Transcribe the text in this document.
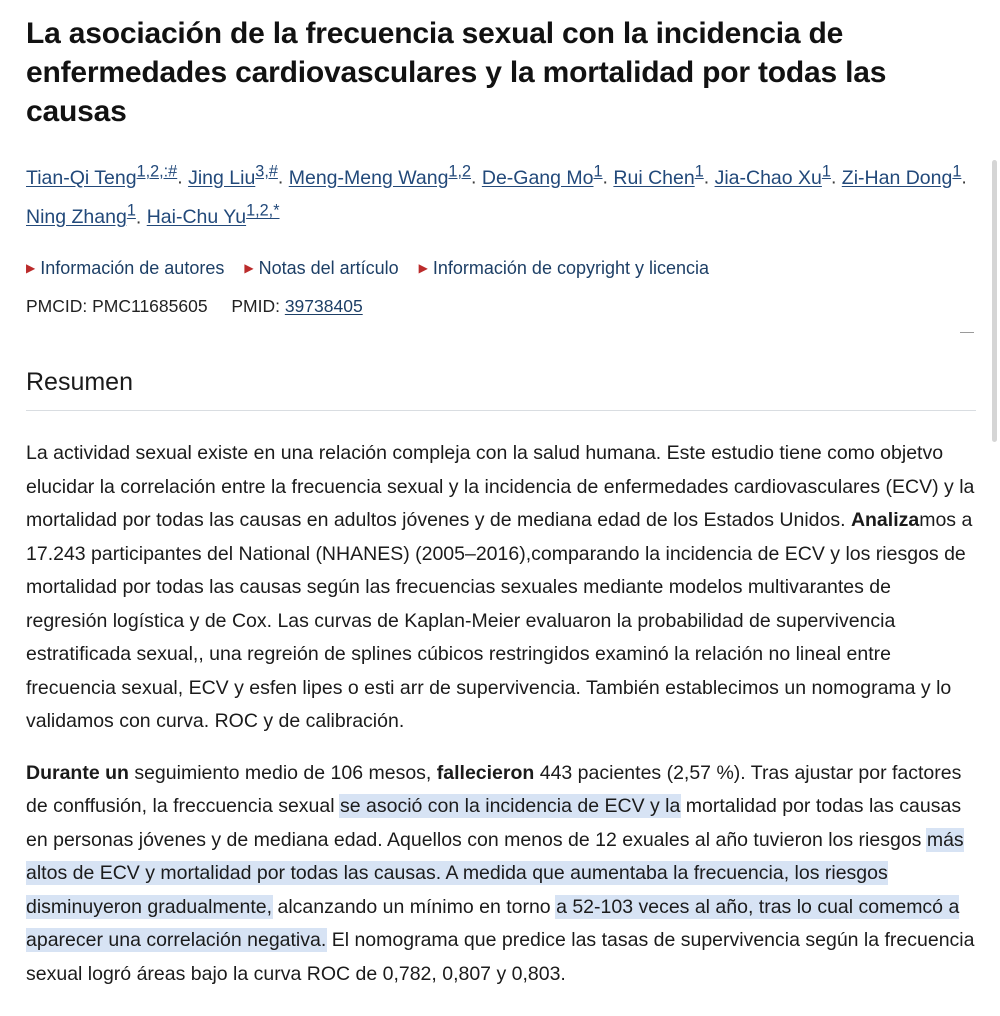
La asociación de la frecuencia sexual con la incidencia de enfermedades cardiovasculares y la mortalidad por todas las causas
Tian-Qi Teng$^{1,2,:\#}$. Jing Liu$^{3,\#}$. Meng-Meng Wang$^{1,2}$. De-Gang Mo$^1$. Rui Chen$^1$. Jia-Chao Xu$^1$. Zi-Han Dong$^1$. Ning Zhang$^1$. Hai-Chu $Yu^{1,2,*}$
▶ Información de autores ▶ Notas del artículo ▶ Información de copyright y licencia
PMCID: PMC11685605 PMID: 39738405
Resumen

La actividad sexual existe en una relación compleja con la salud humana. Este estudio tiene como objetvo elucidar la correlación entre la frecuencia sexual y la incidencia de enfermedades cardiovasculares (ECV) y la mortalidad por todas las causas en adultos jóvenes y de mediana edad de los Estados Unidos. Analizamos a 17.243 participantes del National (NHANES) (2005–2016),comparando la incidencia de ECV y los riesgos de mortalidad por todas las causas según las frecuencias sexuales mediante modelos multivarantes de regresión logística y de Cox. Las curvas de Kaplan-Meier evaluaron la probabilidad de supervivencia estratificada sexual,, una regreión de splines cúbicos restringidos examinó la relación no lineal entre frecuencia sexual, ECV y esfen lipes o esti arr de supervivencia. También establecimos un nomograma y lo validamos con curva. ROC y de calibración.

Durante un seguimiento medio de 106 mesos, fallecieron 443 pacientes (2,57 %). Tras ajustar por factores de conffusión, la freccuencia sexual se asoció con la incidencia de ECV y la mortalidad por todas las causas en personas jóvenes y de mediana edad. Aquellos con menos de 12 exuales al año tuvieron los riesgos más altos de ECV y mortalidad por todas las causas. A medida que aumentaba la frecuencia, los riesgos disminuyeron gradualmente, alcanzando un mínimo en torno a 52-103 veces al año, tras lo cual comemcó a aparecer una correlación negativa. El nomograma que predice las tasas de supervivencia según la frecuencia sexual logró áreas bajo la curva ROC de 0,782, 0,807 y 0,803.
